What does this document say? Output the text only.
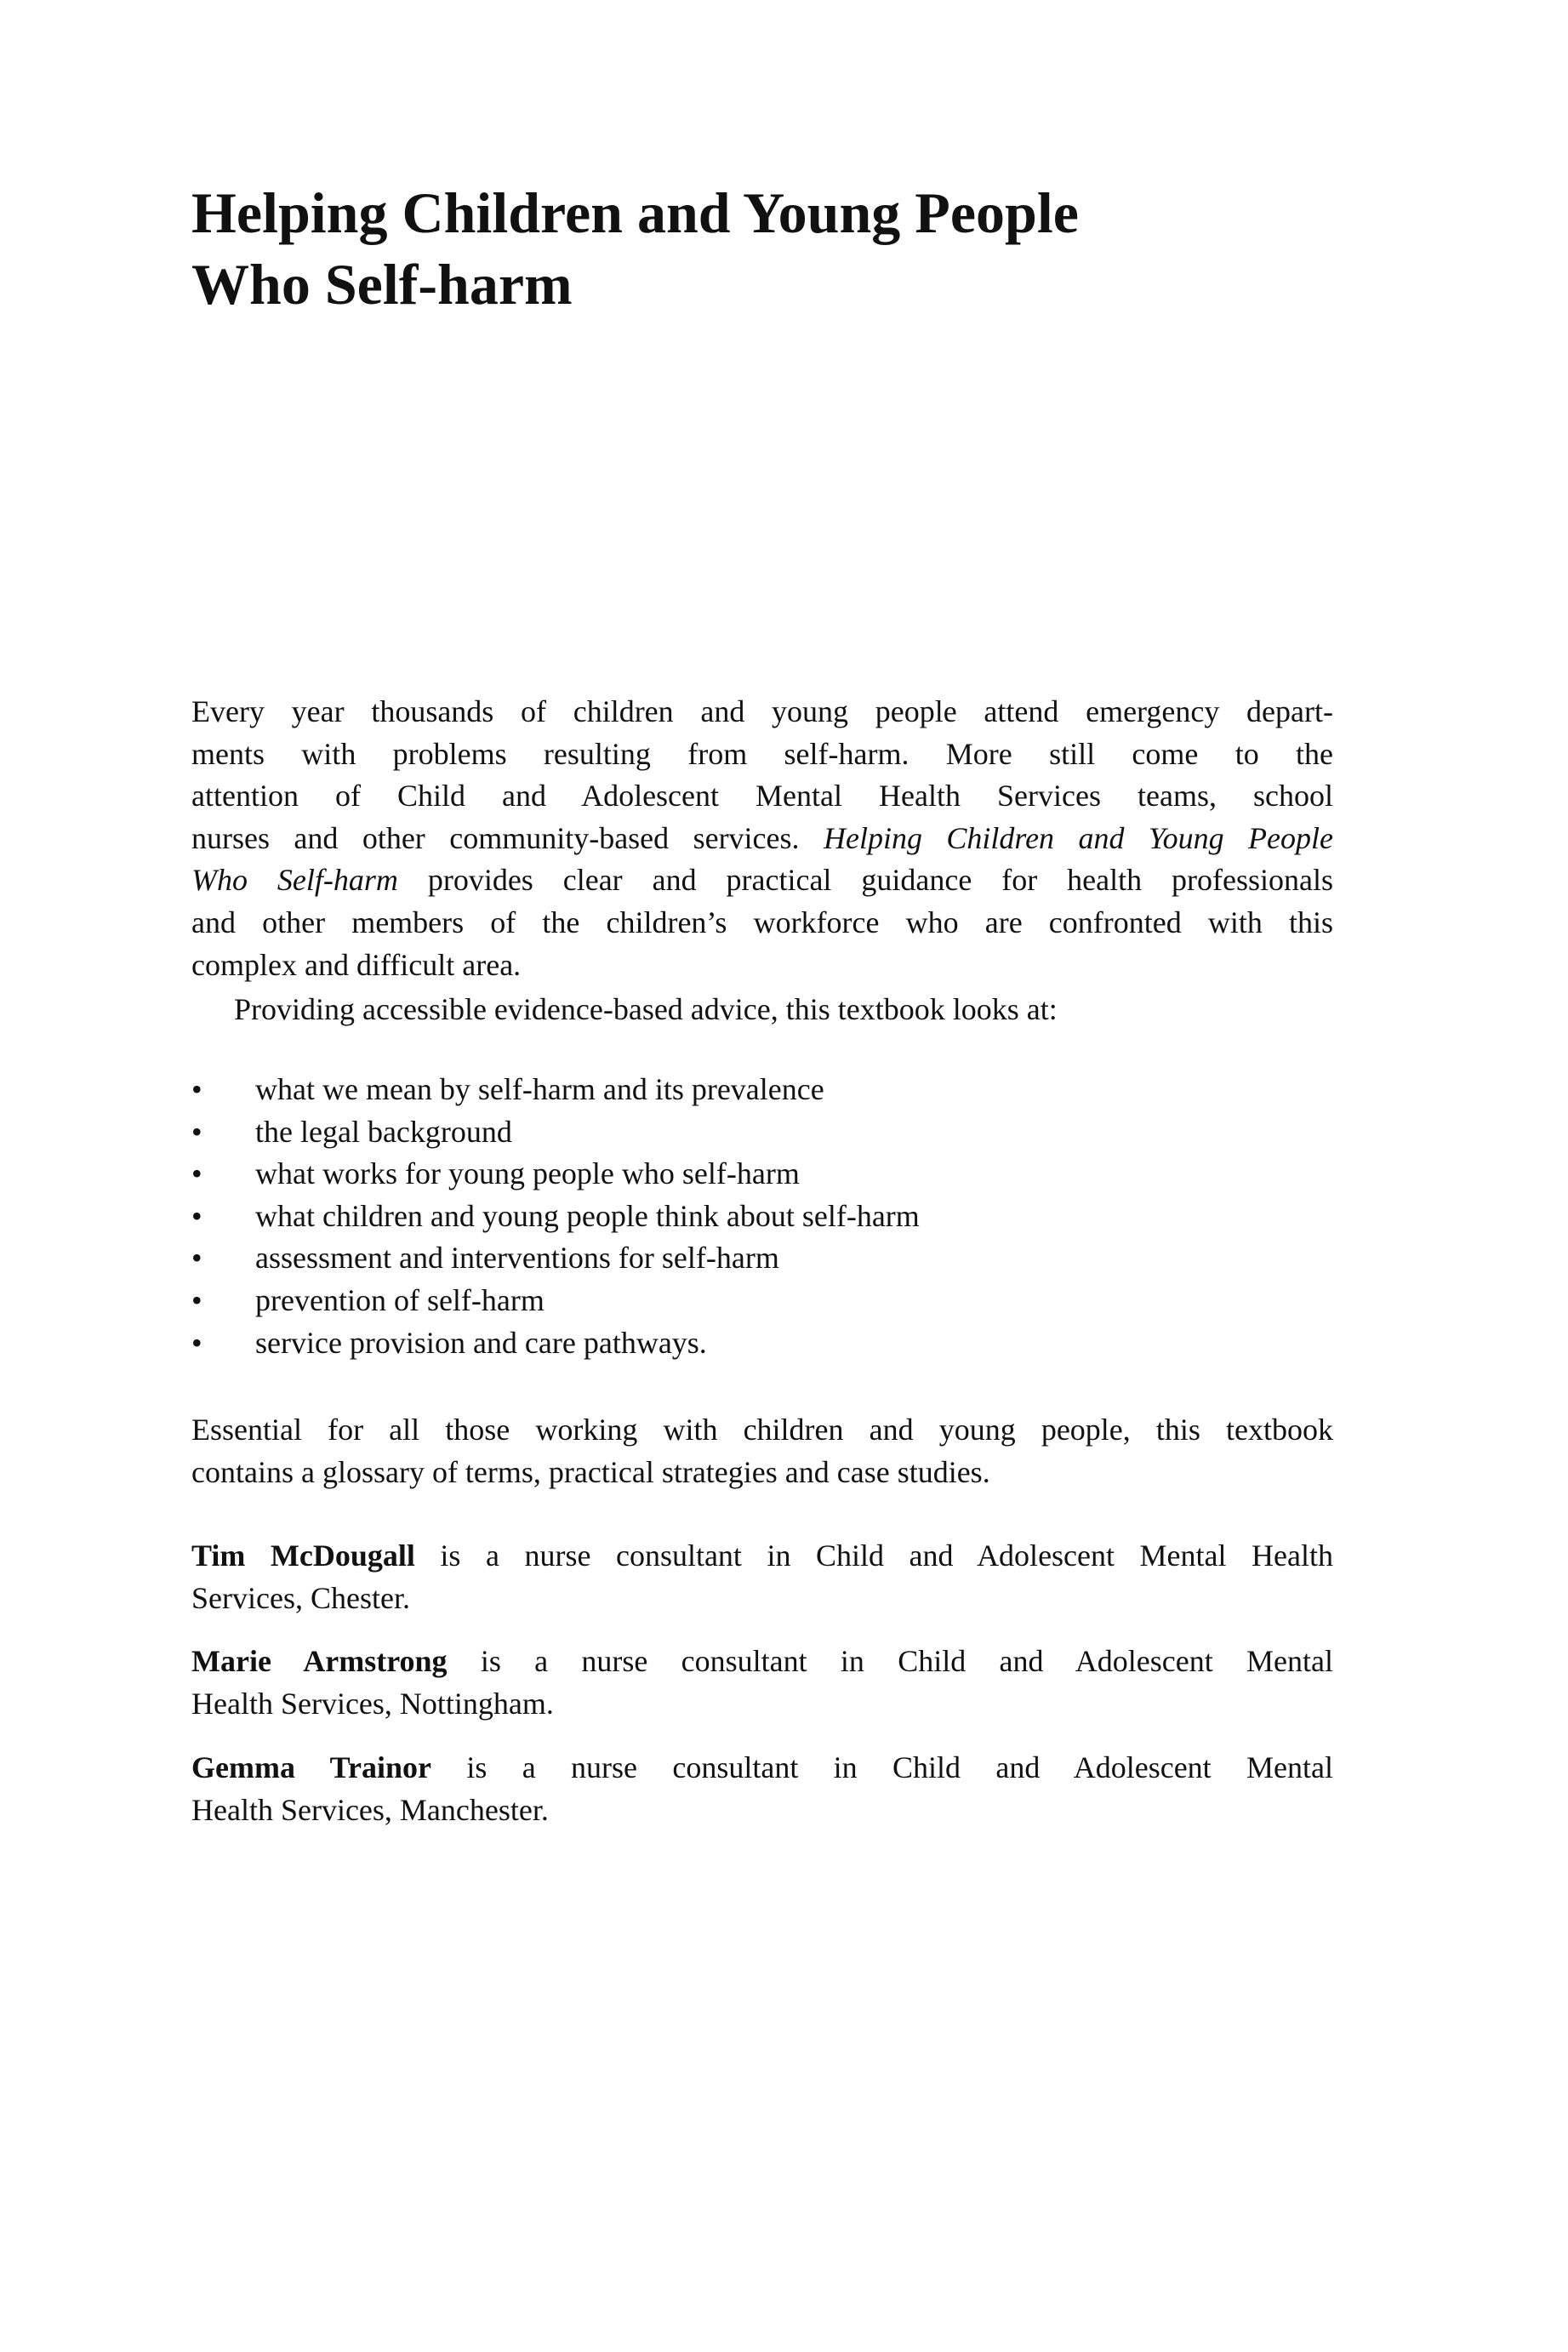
Helping Children and Young People
Who Self-harm
Every year thousands of children and young people attend emergency depart-
ments with problems resulting from self-harm. More still come to the
attention of Child and Adolescent Mental Health Services teams, school
nurses and other community-based services. Helping Children and Young People
Who Self-harm provides clear and practical guidance for health professionals
and other members of the children’s workforce who are confronted with this
complex and difficult area.
Providing accessible evidence-based advice, this textbook looks at:
• what we mean by self-harm and its prevalence
• the legal background
• what works for young people who self-harm
• what children and young people think about self-harm
• assessment and interventions for self-harm
• prevention of self-harm
• service provision and care pathways.
Essential for all those working with children and young people, this textbook
contains a glossary of terms, practical strategies and case studies.
Tim McDougall is a nurse consultant in Child and Adolescent Mental Health
Services, Chester.
Marie Armstrong is a nurse consultant in Child and Adolescent Mental
Health Services, Nottingham.
Gemma Trainor is a nurse consultant in Child and Adolescent Mental
Health Services, Manchester.
